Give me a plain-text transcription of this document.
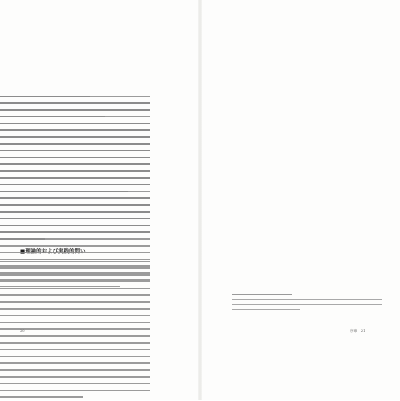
20	序章　21
